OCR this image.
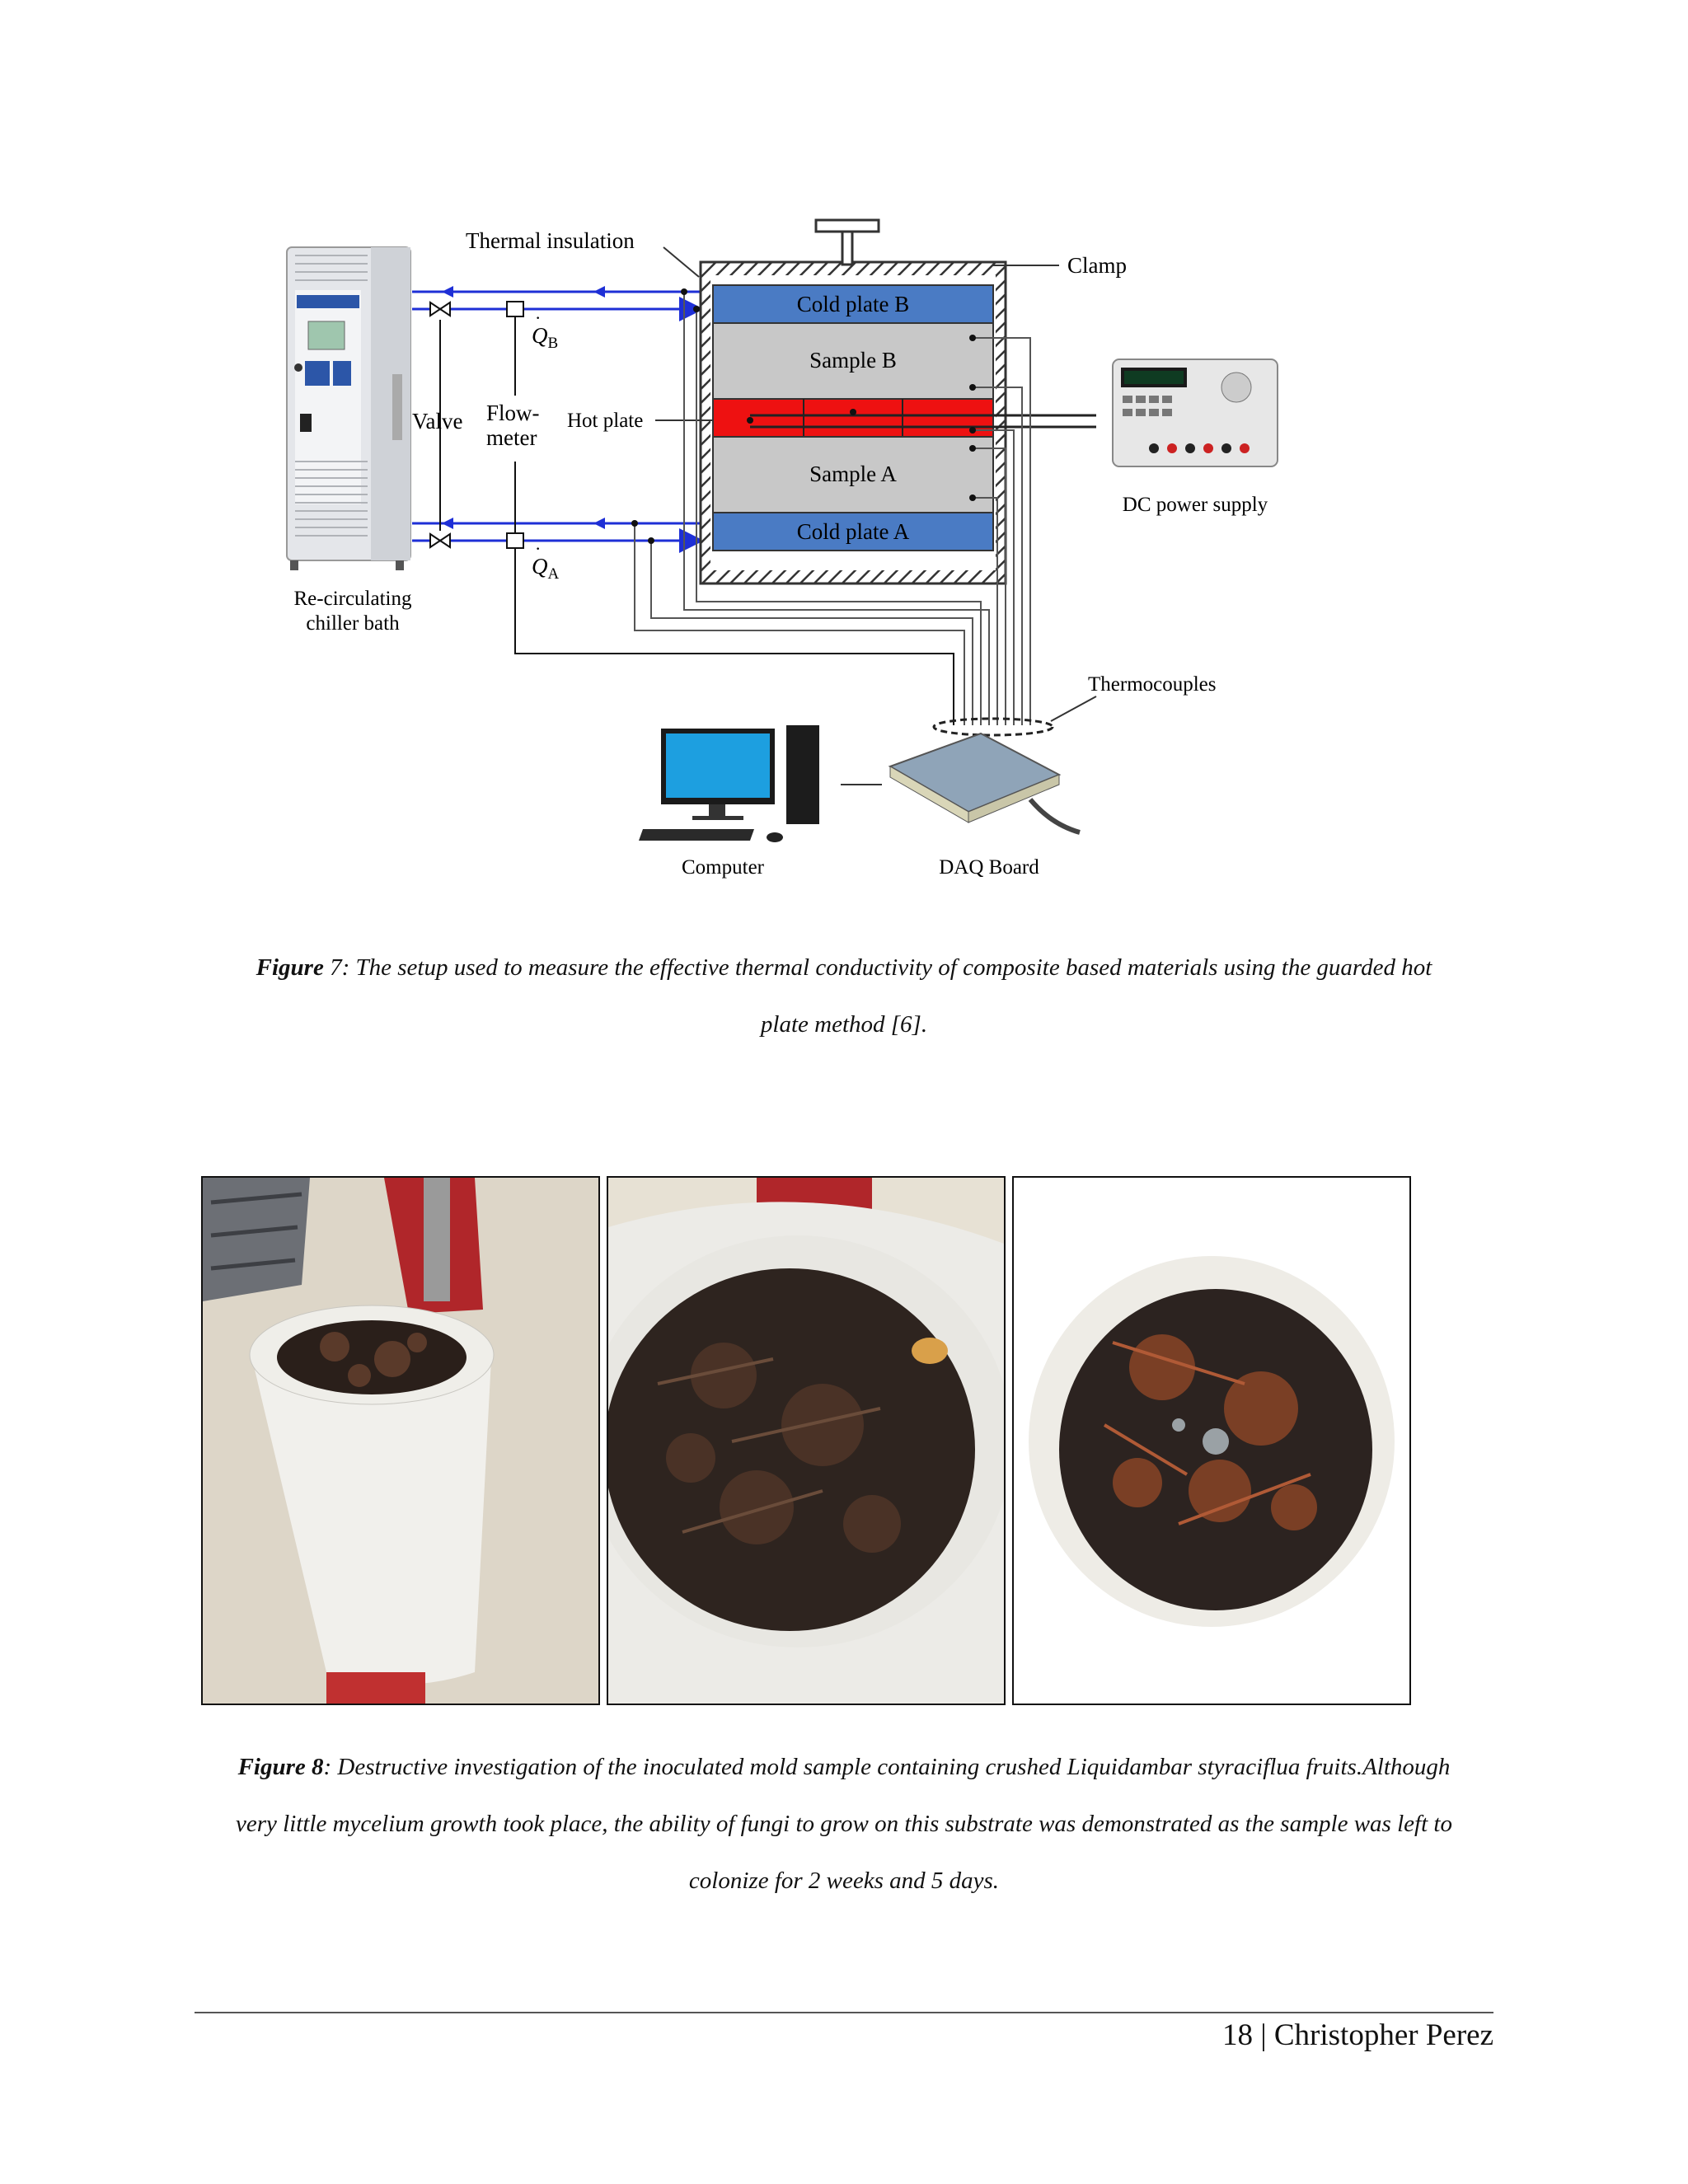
Re-circulating
chiller bath
Valve Flow-
meter
$Q_B$
·
$Q_A$
·
Cold plate B
Sample B
Sample A
Cold plate A
Hot plate
Thermal insulation
Clamp
DC power supply
Thermocouples
DAQ Board
Computer
Figure 7: The setup used to measure the effective thermal conductivity of composite based materials using the guarded hot
plate method [6].
Figure 8: Destructive investigation of the inoculated mold sample containing crushed Liquidambar styraciflua fruits.Although
very little mycelium growth took place, the ability of fungi to grow on this substrate was demonstrated as the sample was left to
colonize for 2 weeks and 5 days.
18 | Christopher Perez
